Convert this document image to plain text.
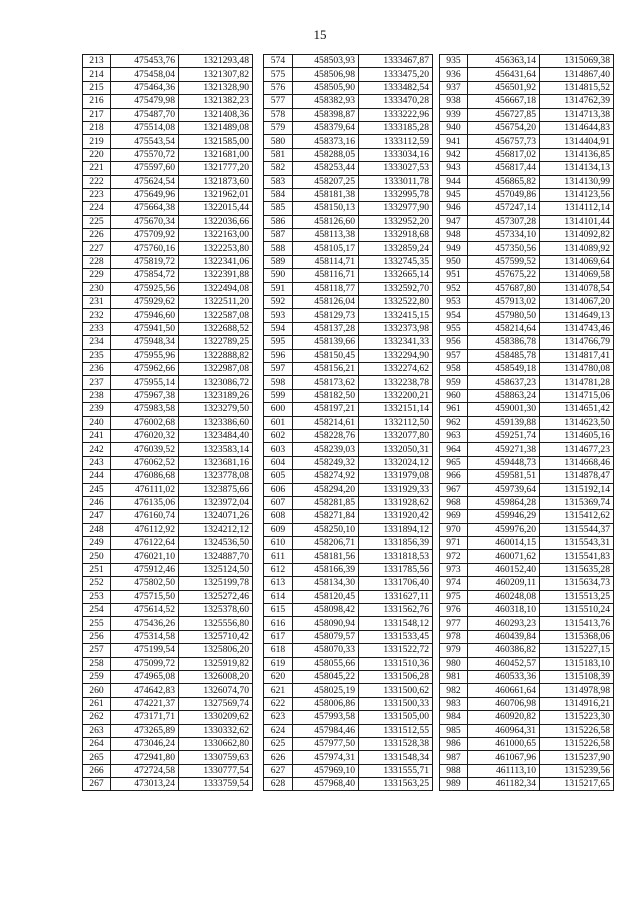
15
213	475453,76	1321293,48
214	475458,04	1321307,82
215	475464,36	1321328,90
216	475479,98	1321382,23
217	475487,70	1321408,36
218	475514,08	1321489,08
219	475543,54	1321585,00
220	475570,72	1321681,00
221	475597,60	1321777,20
222	475624,54	1321873,60
223	475649,96	1321962,01
224	475664,38	1322015,44
225	475670,34	1322036,66
226	475709,92	1322163,00
227	475760,16	1322253,80
228	475819,72	1322341,06
229	475854,72	1322391,88
230	475925,56	1322494,08
231	475929,62	1322511,20
232	475946,60	1322587,08
233	475941,50	1322688,52
234	475948,34	1322789,25
235	475955,96	1322888,82
236	475962,66	1322987,08
237	475955,14	1323086,72
238	475967,38	1323189,26
239	475983,58	1323279,50
240	476002,68	1323386,60
241	476020,32	1323484,40
242	476039,52	1323583,14
243	476062,52	1323681,16
244	476086,68	1323778,08
245	476111,02	1323875,66
246	476135,06	1323972,04
247	476160,74	1324071,26
248	476112,92	1324212,12
249	476122,64	1324536,50
250	476021,10	1324887,70
251	475912,46	1325124,50
252	475802,50	1325199,78
253	475715,50	1325272,46
254	475614,52	1325378,60
255	475436,26	1325556,80
256	475314,58	1325710,42
257	475199,54	1325806,20
258	475099,72	1325919,82
259	474965,08	1326008,20
260	474642,83	1326074,70
261	474221,37	1327569,74
262	473171,71	1330209,62
263	473265,89	1330332,62
264	473046,24	1330662,80
265	472941,80	1330759,63
266	472724,58	1330777,54
267	473013,24	1333759,54
574	458503,93	1333467,87
575	458506,98	1333475,20
576	458505,90	1333482,54
577	458382,93	1333470,28
578	458398,87	1333222,96
579	458379,64	1333185,28
580	458373,16	1333112,59
581	458288,05	1333034,16
582	458253,44	1333027,53
583	458207,25	1333011,78
584	458181,38	1332995,78
585	458150,13	1332977,90
586	458126,60	1332952,20
587	458113,38	1332918,68
588	458105,17	1332859,24
589	458114,71	1332745,35
590	458116,71	1332665,14
591	458118,77	1332592,70
592	458126,04	1332522,80
593	458129,73	1332415,15
594	458137,28	1332373,98
595	458139,66	1332341,33
596	458150,45	1332294,90
597	458156,21	1332274,62
598	458173,62	1332238,78
599	458182,50	1332200,21
600	458197,21	1332151,14
601	458214,61	1332112,50
602	458228,76	1332077,80
603	458239,03	1332050,31
604	458249,32	1332024,12
605	458274,92	1331979,08
606	458294,20	1331929,33
607	458281,85	1331928,62
608	458271,84	1331920,42
609	458250,10	1331894,12
610	458206,71	1331856,39
611	458181,56	1331818,53
612	458166,39	1331785,56
613	458134,30	1331706,40
614	458120,45	1331627,11
615	458098,42	1331562,76
616	458090,94	1331548,12
617	458079,57	1331533,45
618	458070,33	1331522,72
619	458055,66	1331510,36
620	458045,22	1331506,28
621	458025,19	1331500,62
622	458006,86	1331500,33
623	457993,58	1331505,00
624	457984,46	1331512,55
625	457977,50	1331528,38
626	457974,31	1331548,34
627	457969,10	1331555,71
628	457968,40	1331563,25
935	456363,14	1315069,38
936	456431,64	1314867,40
937	456501,92	1314815,52
938	456667,18	1314762,39
939	456727,85	1314713,38
940	456754,20	1314644,83
941	456757,73	1314404,91
942	456817,02	1314136,85
943	456817,44	1314134,13
944	456865,82	1314130,99
945	457049,86	1314123,56
946	457247,14	1314112,14
947	457307,28	1314101,44
948	457334,10	1314092,82
949	457350,56	1314089,92
950	457599,52	1314069,64
951	457675,22	1314069,58
952	457687,80	1314078,54
953	457913,02	1314067,20
954	457980,50	1314649,13
955	458214,64	1314743,46
956	458386,78	1314766,79
957	458485,78	1314817,41
958	458549,18	1314780,08
959	458637,23	1314781,28
960	458863,24	1314715,06
961	459001,30	1314651,42
962	459139,88	1314623,50
963	459251,74	1314605,16
964	459271,38	1314677,23
965	459448,73	1314668,46
966	459581,51	1314878,47
967	459739,64	1315192,14
968	459864,28	1315369,74
969	459946,29	1315412,62
970	459976,20	1315544,37
971	460014,15	1315543,31
972	460071,62	1315541,83
973	460152,40	1315635,28
974	460209,11	1315634,73
975	460248,08	1315513,25
976	460318,10	1315510,24
977	460293,23	1315413,76
978	460439,84	1315368,06
979	460386,82	1315227,15
980	460452,57	1315183,10
981	460533,36	1315108,39
982	460661,64	1314978,98
983	460706,98	1314916,21
984	460920,82	1315223,30
985	460964,31	1315226,58
986	461000,65	1315226,58
987	461067,96	1315237,90
988	461113,10	1315239,56
989	461182,34	1315217,65
